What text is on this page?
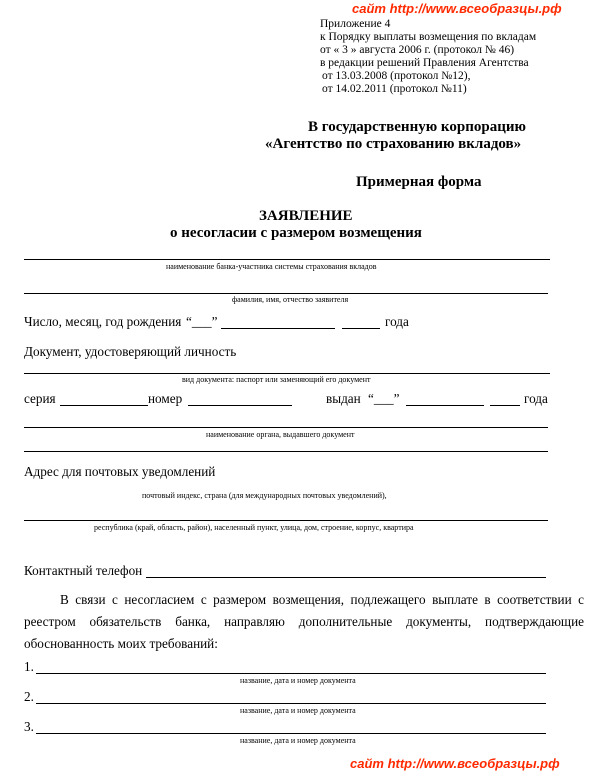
сайт http://www.всеобразцы.рф
Приложение 4
к Порядку выплаты возмещения по вкладам
от « 3 » августа 2006 г. (протокол № 46)
в редакции решений Правления Агентства
от 13.03.2008 (протокол №12),
от 14.02.2011 (протокол №11)
В государственную корпорацию
«Агентство по страхованию вкладов»
Примерная форма
ЗАЯВЛЕНИЕ
о несогласии с размером возмещения
наименование банка-участника системы страхования вкладов
фамилия, имя, отчество заявителя
Число, месяц, год рождения “___”	года
Документ, удостоверяющий личность
вид документа: паспорт или заменяющий его документ
серия	номер	выдан “___”	года
наименование органа, выдавшего документ
Адрес для почтовых уведомлений
почтовый индекс, страна (для международных почтовых уведомлений),
республика (край, область, район), населенный пункт, улица, дом, строение, корпус, квартира
Контактный телефон
В связи с несогласием с размером возмещения, подлежащего выплате в соответствии с реестром обязательств банка, направляю дополнительные документы, подтверждающие обоснованность моих требований:
1.
название, дата и номер документа
2.
название, дата и номер документа
3.
название, дата и номер документа
сайт http://www.всеобразцы.рф
